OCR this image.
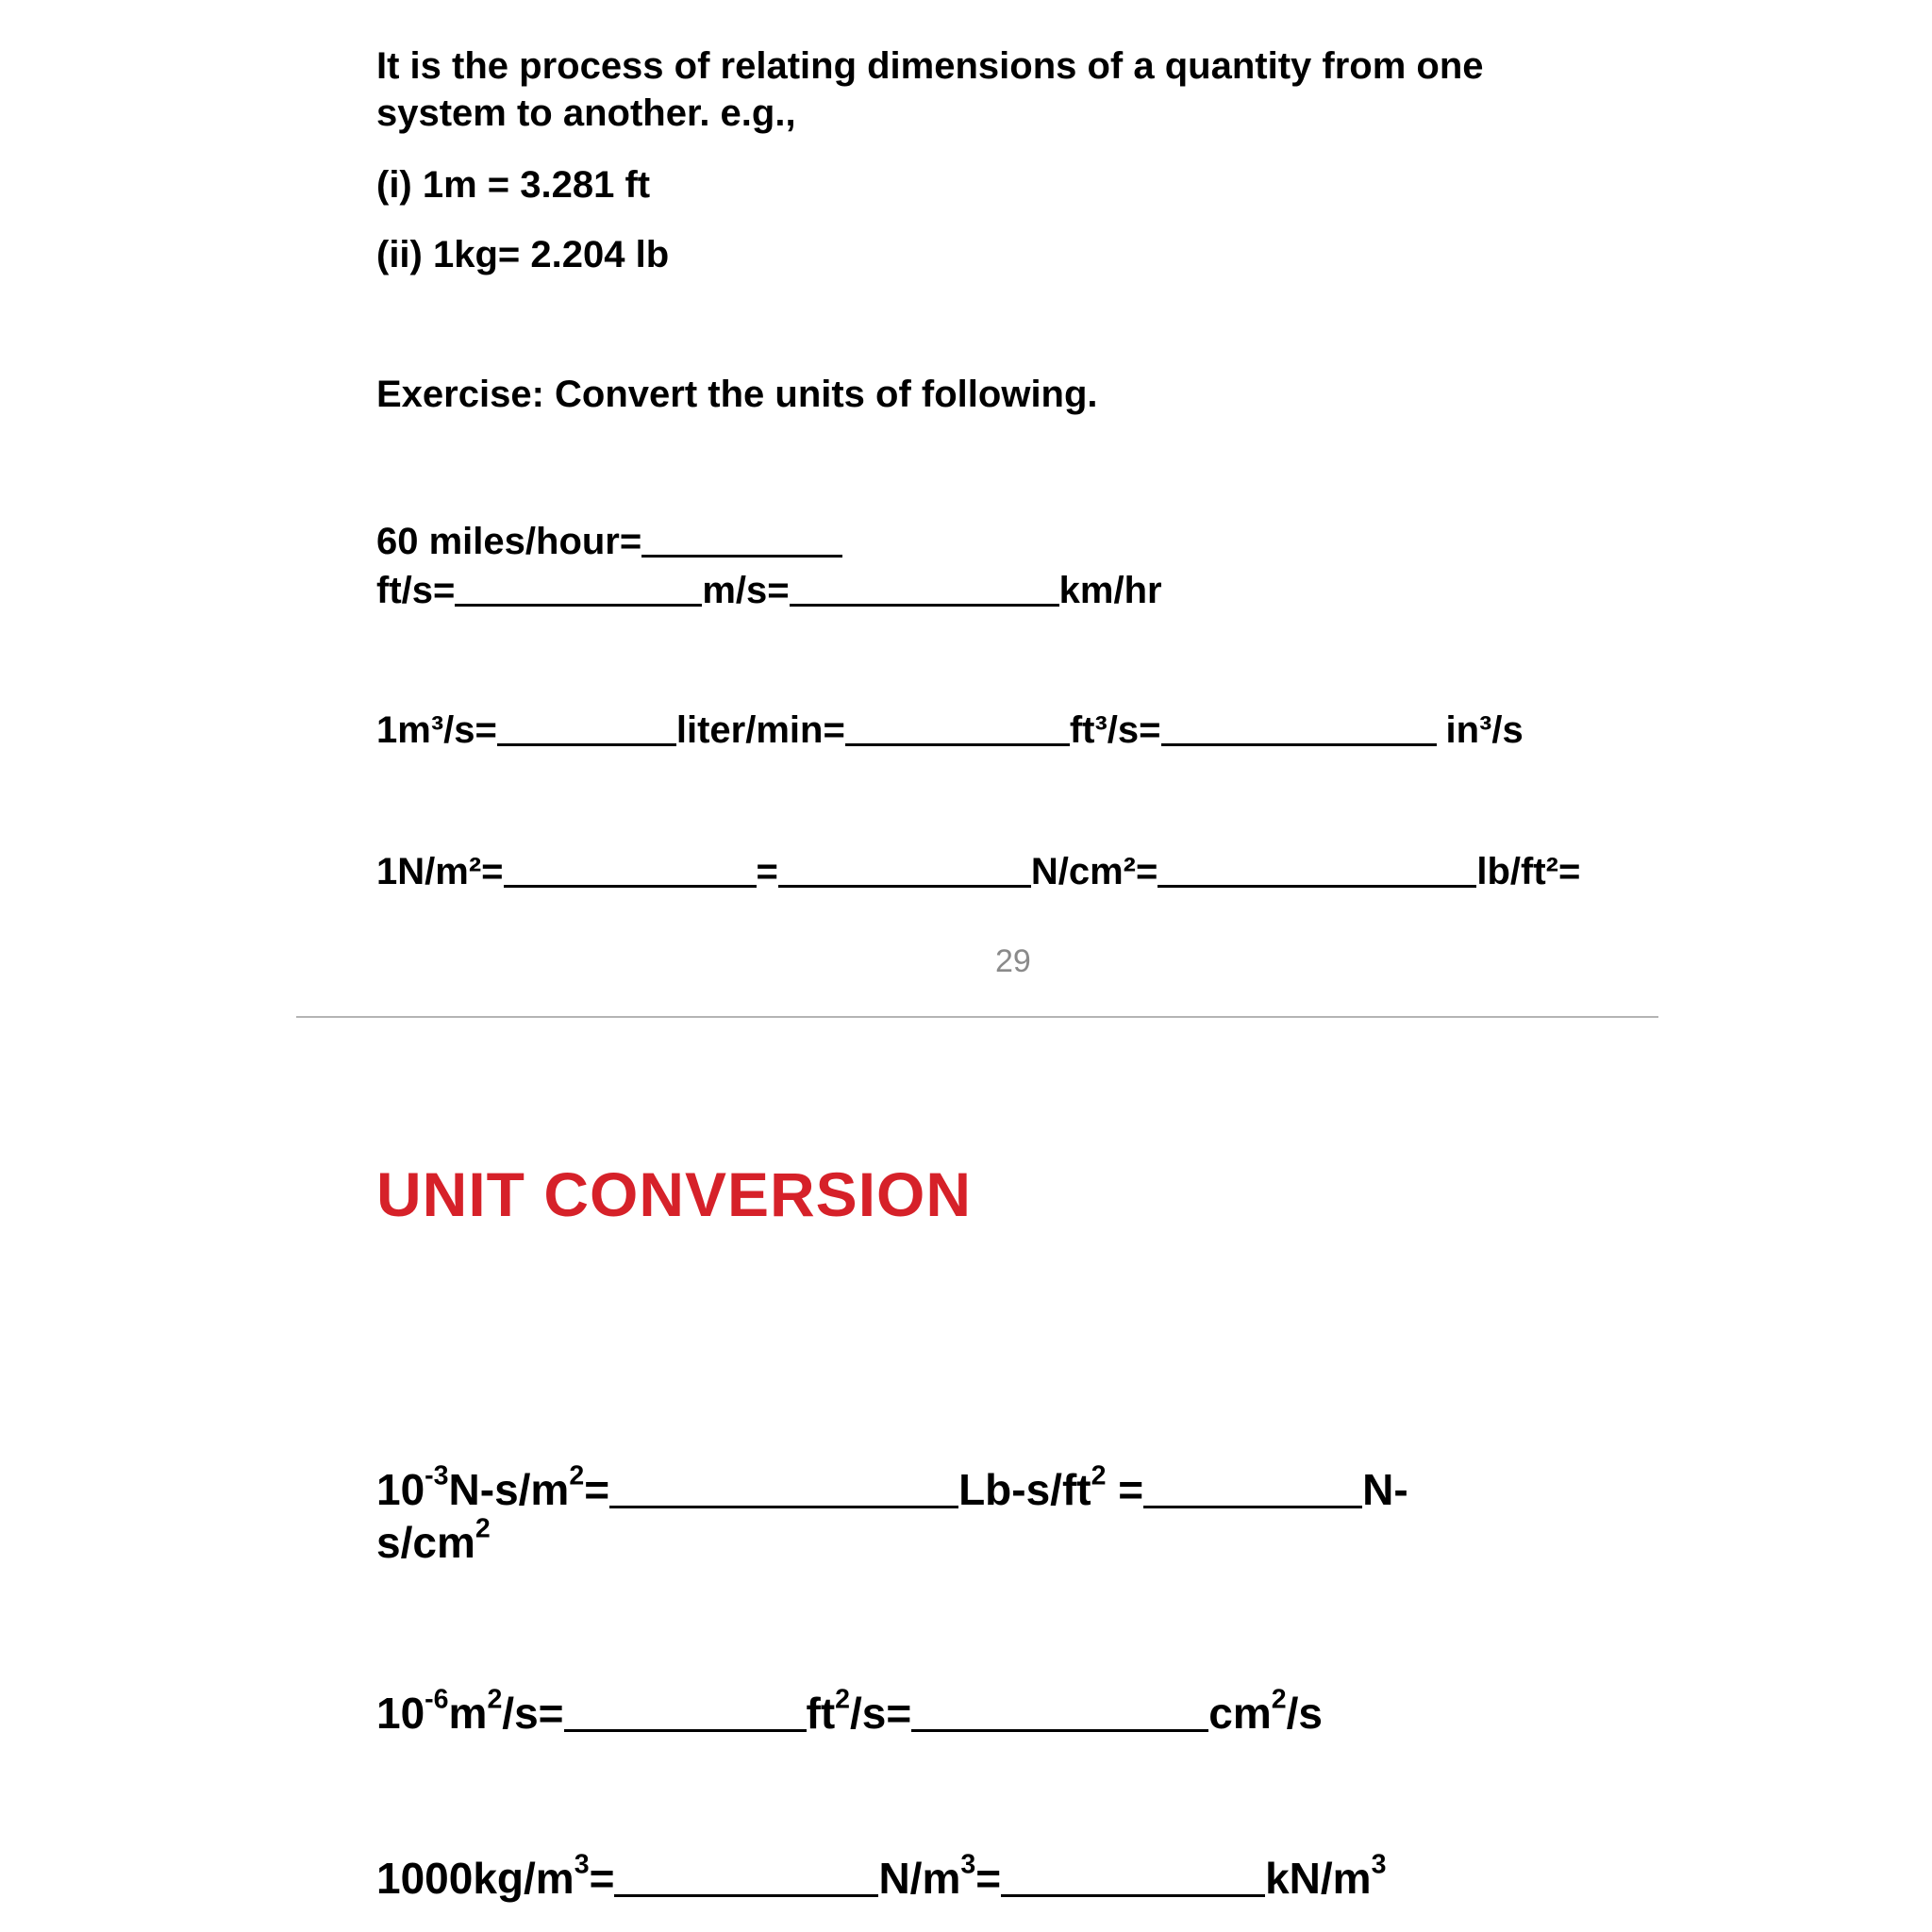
It is the process of relating dimensions of a quantity from one
system to another. e.g.,
(i) 1m = 3.281 ft
(ii) 1kg= 2.204 lb
Exercise: Convert the units of following.
60 miles/hour=
ft/s=	m/s=	km/hr
1m³/s=	liter/min=	ft³/s=	in³/s
1N/m²=	=	N/cm²=	lb/ft²=
29
UNIT CONVERSION
$10^{-3}N-s/m^2=$	$Lb-s/ft^2$ =	N-
$s/cm^2$
$10^{-6}m^2/s=$	$ft^2/s=$	$cm^2/s$
$1000kg/m^3=$	$N/m^3=$	$kN/m^3$
